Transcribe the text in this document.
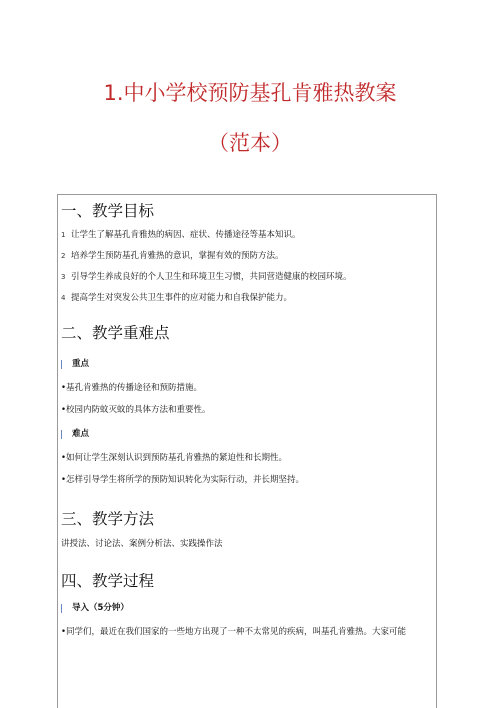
1.中小学校预防基孔肯雅热教案
（范本）
一、教学目标
1 让学生了解基孔肯雅热的病因、症状、传播途径等基本知识。
2 培养学生预防基孔肯雅热的意识，掌握有效的预防方法。
3 引导学生养成良好的个人卫生和环境卫生习惯，共同营造健康的校园环境。
4 提高学生对突发公共卫生事件的应对能力和自我保护能力。
二、教学重难点
重点
•基孔肯雅热的传播途径和预防措施。
•校园内防蚊灭蚊的具体方法和重要性。
难点
•如何让学生深刻认识到预防基孔肯雅热的紧迫性和长期性。
•怎样引导学生将所学的预防知识转化为实际行动，并长期坚持。
三、教学方法
讲授法、讨论法、案例分析法、实践操作法
四、教学过程
导入（5分钟）
•同学们，最近在我们国家的一些地方出现了一种不太常见的疾病，叫基孔肯雅热。大家可能
